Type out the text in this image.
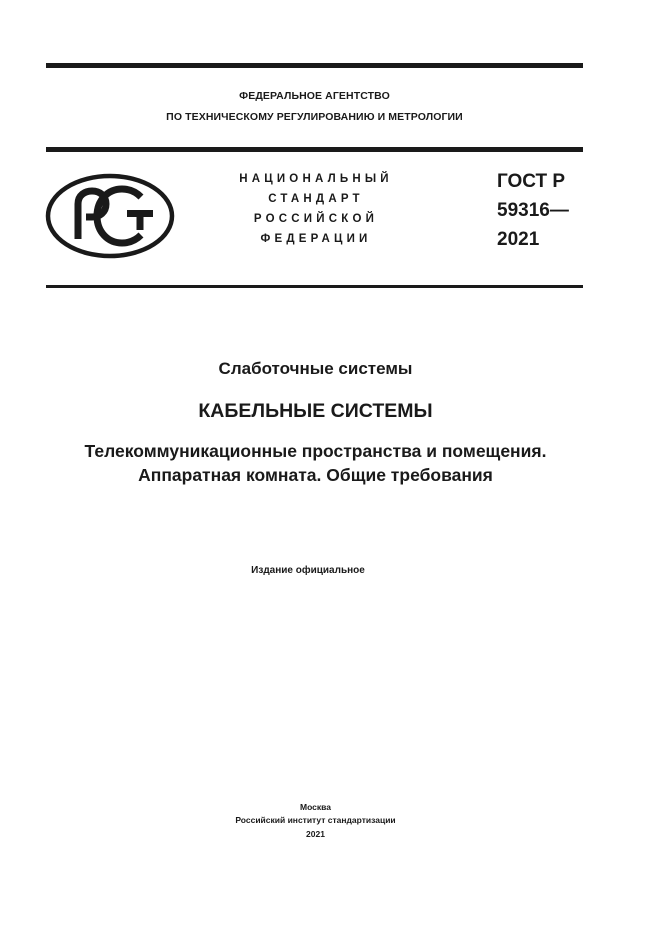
ФЕДЕРАЛЬНОЕ АГЕНТСТВО
ПО ТЕХНИЧЕСКОМУ РЕГУЛИРОВАНИЮ И МЕТРОЛОГИИ
НАЦИОНАЛЬНЫЙ
СТАНДАРТ
РОССИЙСКОЙ
ФЕДЕРАЦИИ
ГОСТ Р
59316—
2021
Слаботочные системы
КАБЕЛЬНЫЕ СИСТЕМЫ
Телекоммуникационные пространства и помещения.
Аппаратная комната. Общие требования
Издание официальное
Москва
Российский институт стандартизации
2021
